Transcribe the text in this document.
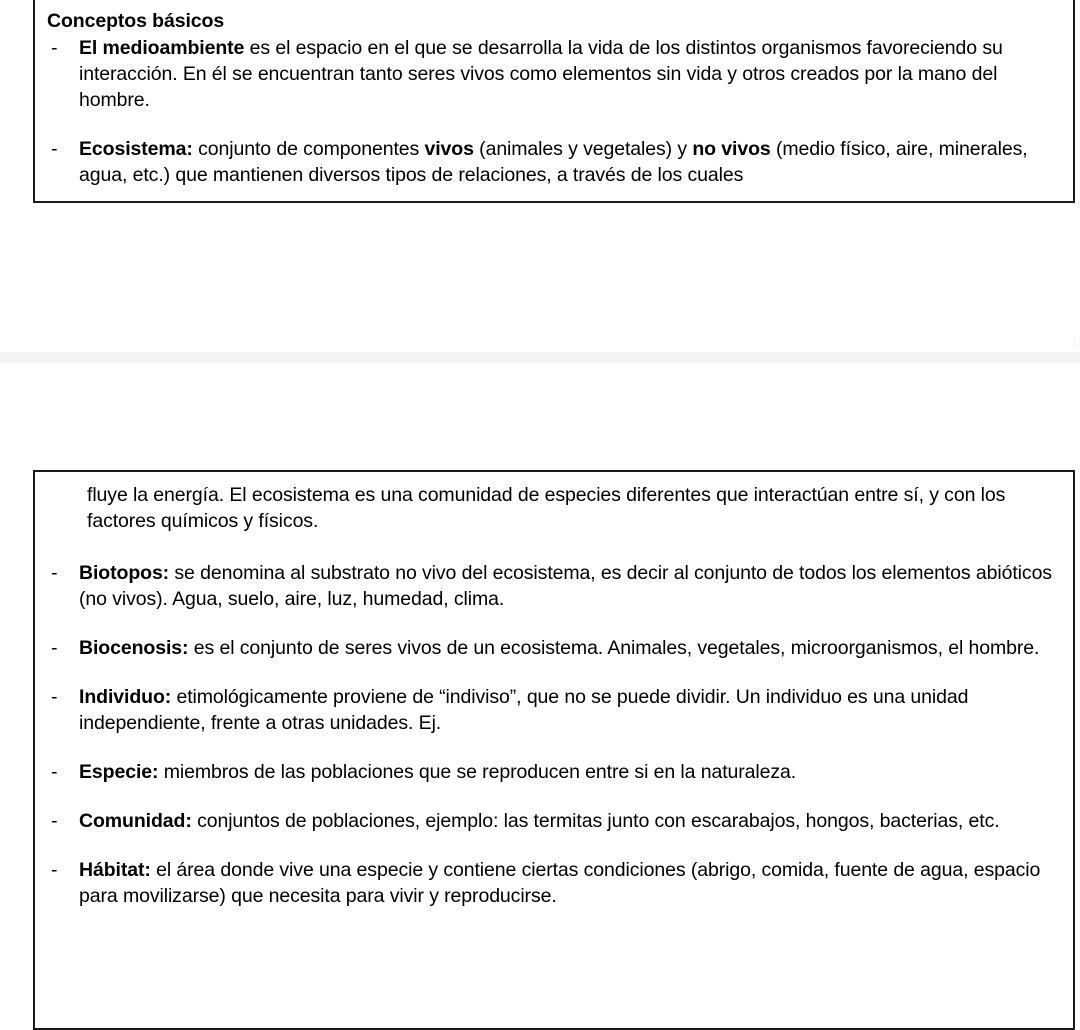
Conceptos básicos
-	El medioambiente es el espacio en el que se desarrolla la vida de los distintos organismos favoreciendo su interacción. En él se encuentran tanto seres vivos como elementos sin vida y otros creados por la mano del hombre.
-	Ecosistema: conjunto de componentes vivos (animales y vegetales) y no vivos (medio físico, aire, minerales, agua, etc.) que mantienen diversos tipos de relaciones, a través de los cuales
fluye la energía. El ecosistema es una comunidad de especies diferentes que interactúan entre sí, y con los factores químicos y físicos.
-	Biotopos: se denomina al substrato no vivo del ecosistema, es decir al conjunto de todos los elementos abióticos (no vivos). Agua, suelo, aire, luz, humedad, clima.
-	Biocenosis: es el conjunto de seres vivos de un ecosistema. Animales, vegetales, microorganismos, el hombre.
-	Individuo: etimológicamente proviene de “indiviso”, que no se puede dividir. Un individuo es una unidad independiente, frente a otras unidades. Ej.
-	Especie: miembros de las poblaciones que se reproducen entre si en la naturaleza.
-	Comunidad: conjuntos de poblaciones, ejemplo: las termitas junto con escarabajos, hongos, bacterias, etc.
-	Hábitat: el área donde vive una especie y contiene ciertas condiciones (abrigo, comida, fuente de agua, espacio para movilizarse) que necesita para vivir y reproducirse.
